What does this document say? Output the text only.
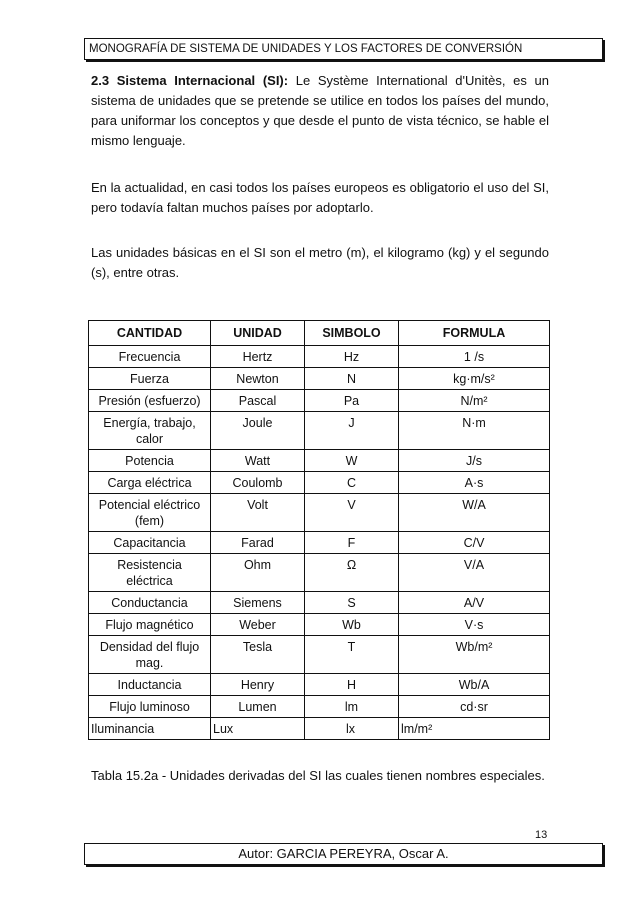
MONOGRAFÍA DE SISTEMA DE UNIDADES Y LOS FACTORES DE CONVERSIÓN

2.3 Sistema Internacional (SI): Le Système International d'Unitès, es un sistema de unidades que se pretende se utilice en todos los países del mundo, para uniformar los conceptos y que desde el punto de vista técnico, se hable el mismo lenguaje.

En la actualidad, en casi todos los países europeos es obligatorio el uso del SI, pero todavía faltan muchos países por adoptarlo.

Las unidades básicas en el SI son el metro (m), el kilogramo (kg) y el segundo (s), entre otras.

CANTIDAD	UNIDAD	SIMBOLO	FORMULA
Frecuencia	Hertz	Hz	1 /s
Fuerza	Newton	N	kg·m/s²
Presión (esfuerzo)	Pascal	Pa	N/m²
Energía, trabajo, calor	Joule	J	N·m
Potencia	Watt	W	J/s
Carga eléctrica	Coulomb	C	A·s
Potencial eléctrico (fem)	Volt	V	W/A
Capacitancia	Farad	F	C/V
Resistencia eléctrica	Ohm	Ω	V/A
Conductancia	Siemens	S	A/V
Flujo magnético	Weber	Wb	V·s
Densidad del flujo mag.	Tesla	T	Wb/m²
Inductancia	Henry	H	Wb/A
Flujo luminoso	Lumen	lm	cd·sr
Iluminancia	Lux	lx	lm/m²

Tabla 15.2a - Unidades derivadas del SI las cuales tienen nombres especiales.

13
Autor: GARCIA PEREYRA, Oscar A.
